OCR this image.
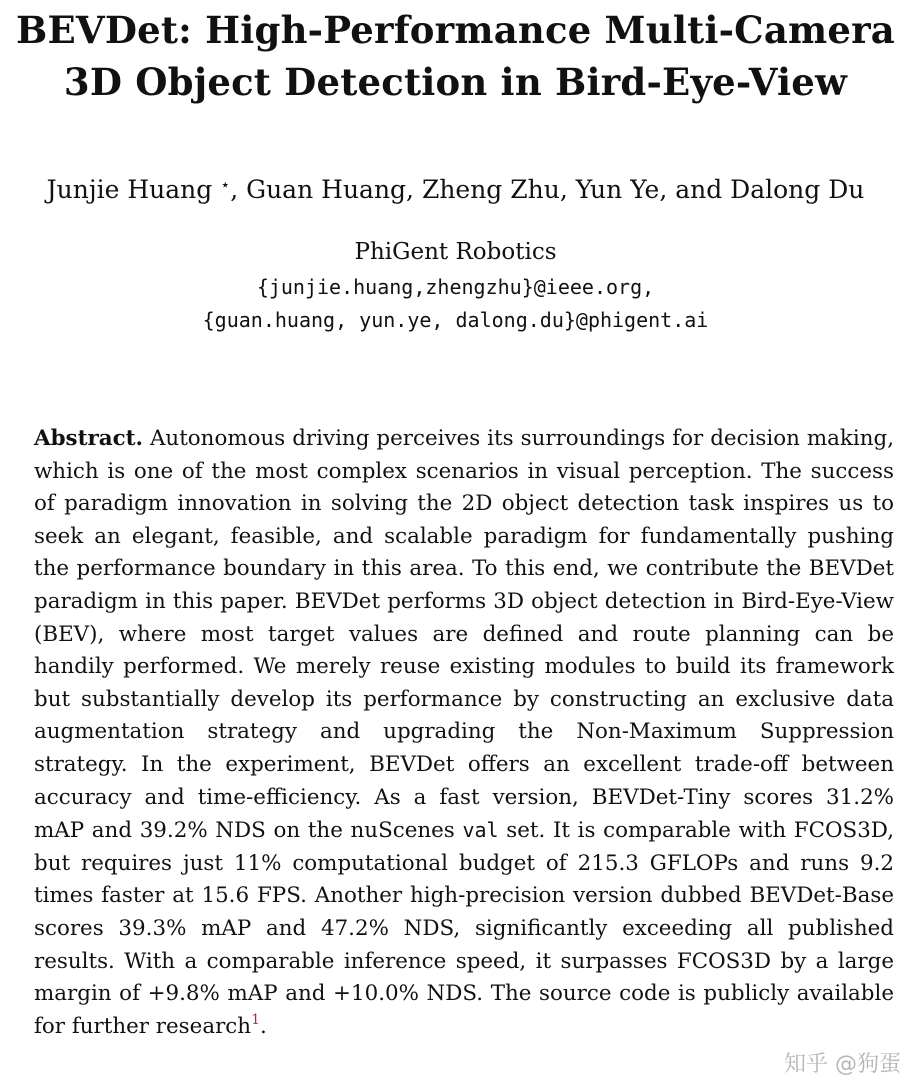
BEVDet: High-Performance Multi-Camera
3D Object Detection in Bird-Eye-View
Junjie Huang ⋆, Guan Huang, Zheng Zhu, Yun Ye, and Dalong Du
PhiGent Robotics
{junjie.huang,zhengzhu}@ieee.org,
{guan.huang, yun.ye, dalong.du}@phigent.ai
Abstract. Autonomous driving perceives its surroundings for decision making, which is one of the most complex scenarios in visual perception. The success of paradigm innovation in solving the 2D object detection task inspires us to seek an elegant, feasible, and scalable paradigm for fundamentally pushing the performance boundary in this area. To this end, we contribute the BEVDet paradigm in this paper. BEVDet performs 3D object detection in Bird-Eye-View (BEV), where most target values are defined and route planning can be handily performed. We merely reuse existing modules to build its framework but substantially develop its performance by constructing an exclusive data augmentation strategy and upgrading the Non-Maximum Suppression strategy. In the experiment, BEVDet offers an excellent trade-off between accuracy and time-efficiency. As a fast version, BEVDet-Tiny scores 31.2% mAP and 39.2% NDS on the nuScenes val set. It is comparable with FCOS3D, but requires just 11% computational budget of 215.3 GFLOPs and runs 9.2 times faster at 15.6 FPS. Another high-precision version dubbed BEVDet-Base scores 39.3% mAP and 47.2% NDS, significantly exceeding all published results. With a comparable inference speed, it surpasses FCOS3D by a large margin of +9.8% mAP and +10.0% NDS. The source code is publicly available for further research$^1$.
知乎 @狗蛋
